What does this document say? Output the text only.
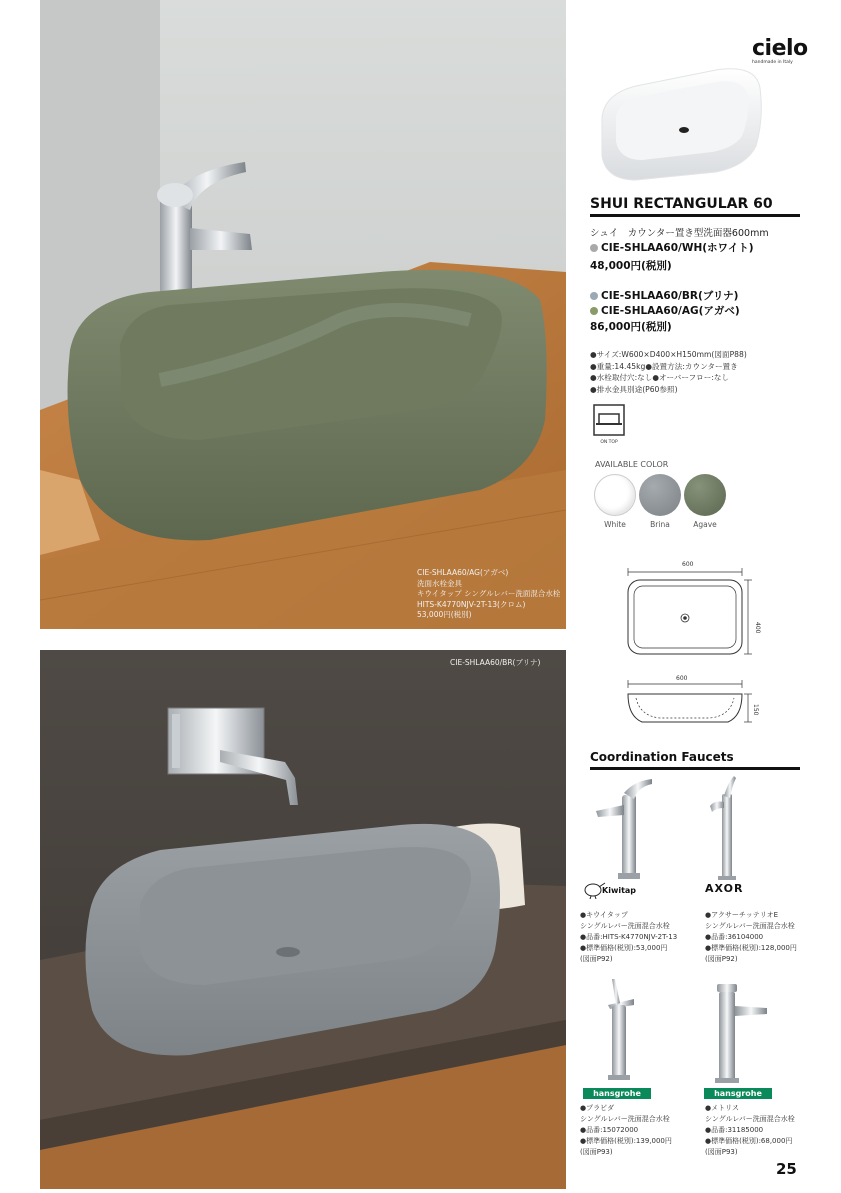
CIE-SHLAA60/AG(アガベ)
洗面水栓金具
キウイタップ シングルレバー洗面混合水栓
HITS-K4770NJV-2T-13(クロム)
53,000円(税別)
CIE-SHLAA60/BR(ブリナ)
cielo
handmade in Italy
SHUI RECTANGULAR 60
シュイ　カウンター置き型洗面器600mm
CIE-SHLAA60/WH(ホワイト)
48,000円(税別)
CIE-SHLAA60/BR(ブリナ)
CIE-SHLAA60/AG(アガベ)
86,000円(税別)
●サイズ:W600×D400×H150mm(図面P88)
●重量:14.45kg●設置方法:カウンター置き
●水栓取付穴:なし●オーバーフロー:なし
●排水金具別途(P60参照)
ON TOP
AVAILABLE COLOR
White	Brina	Agave
600
400
600
150
Coordination Faucets
Kiwitap
●キウイタップ
シングルレバー洗面混合水栓
●品番:HITS-K4770NJV-2T-13
●標準価格(税別):53,000円
(図面P92)
AXOR
●アクサーチッテリオE
シングルレバー洗面混合水栓
●品番:36104000
●標準価格(税別):128,000円
(図面P92)
hansgrohe
●プラビダ
シングルレバー洗面混合水栓
●品番:15072000
●標準価格(税別):139,000円
(図面P93)
hansgrohe
●メトリス
シングルレバー洗面混合水栓
●品番:31185000
●標準価格(税別):68,000円
(図面P93)
25
